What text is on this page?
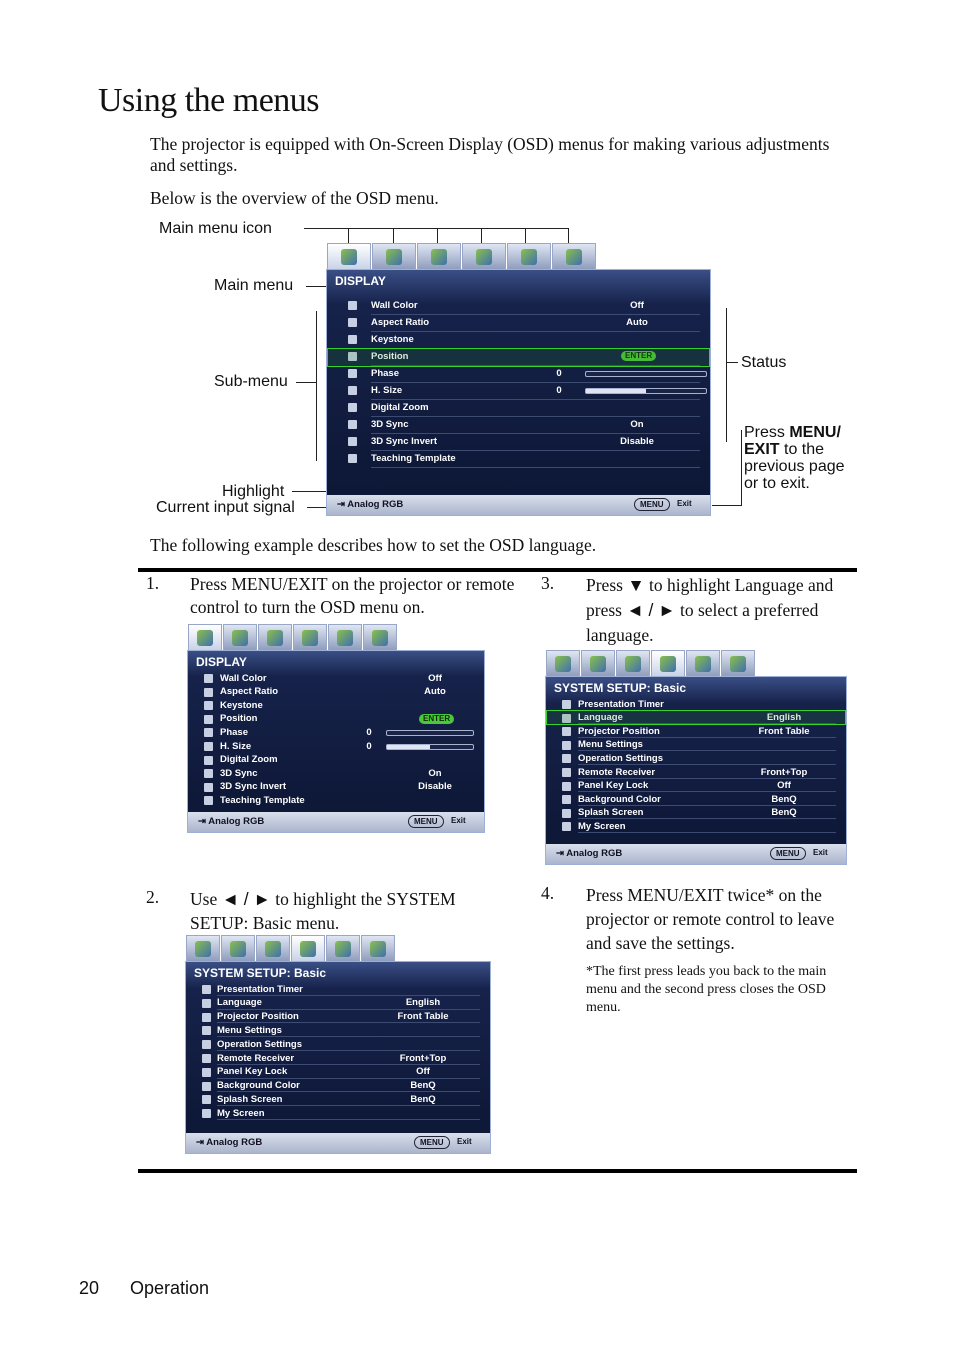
Using the menus
The projector is equipped with On-Screen Display (OSD) menus for making various adjustments and settings.
Below is the overview of the OSD menu.
Main menu icon
Main menu
Sub-menu
Highlight
Current input signal
Status
Press MENU/ EXIT to the previous page or to exit.
DISPLAY
Wall Color	Off
Aspect Ratio	Auto
Keystone
Position	ENTER
Phase	0
H. Size	0
Digital Zoom
3D Sync	On
3D Sync Invert	Disable
Teaching Template
⇥ Analog RGB	MENU	Exit
The following example describes how to set the OSD language.
1. Press MENU/EXIT on the projector or remote control to turn the OSD menu on.
DISPLAY
Wall Color	Off
Aspect Ratio	Auto
Keystone
Position	ENTER
Phase	0
H. Size	0
Digital Zoom
3D Sync	On
3D Sync Invert	Disable
Teaching Template
⇥ Analog RGB	MENU	Exit
3. Press ▼ to highlight Language and press ◄ / ► to select a preferred language.
SYSTEM SETUP: Basic
Presentation Timer
Language	English
Projector Position	Front Table
Menu Settings
Operation Settings
Remote Receiver	Front+Top
Panel Key Lock	Off
Background Color	BenQ
Splash Screen	BenQ
My Screen
⇥ Analog RGB	MENU	Exit
2. Use ◄ / ► to highlight the SYSTEM SETUP: Basic menu.
SYSTEM SETUP: Basic
Presentation Timer
Language	English
Projector Position	Front Table
Menu Settings
Operation Settings
Remote Receiver	Front+Top
Panel Key Lock	Off
Background Color	BenQ
Splash Screen	BenQ
My Screen
⇥ Analog RGB	MENU	Exit
4. Press MENU/EXIT twice* on the projector or remote control to leave and save the settings.
*The first press leads you back to the main menu and the second press closes the OSD menu.
20 Operation
